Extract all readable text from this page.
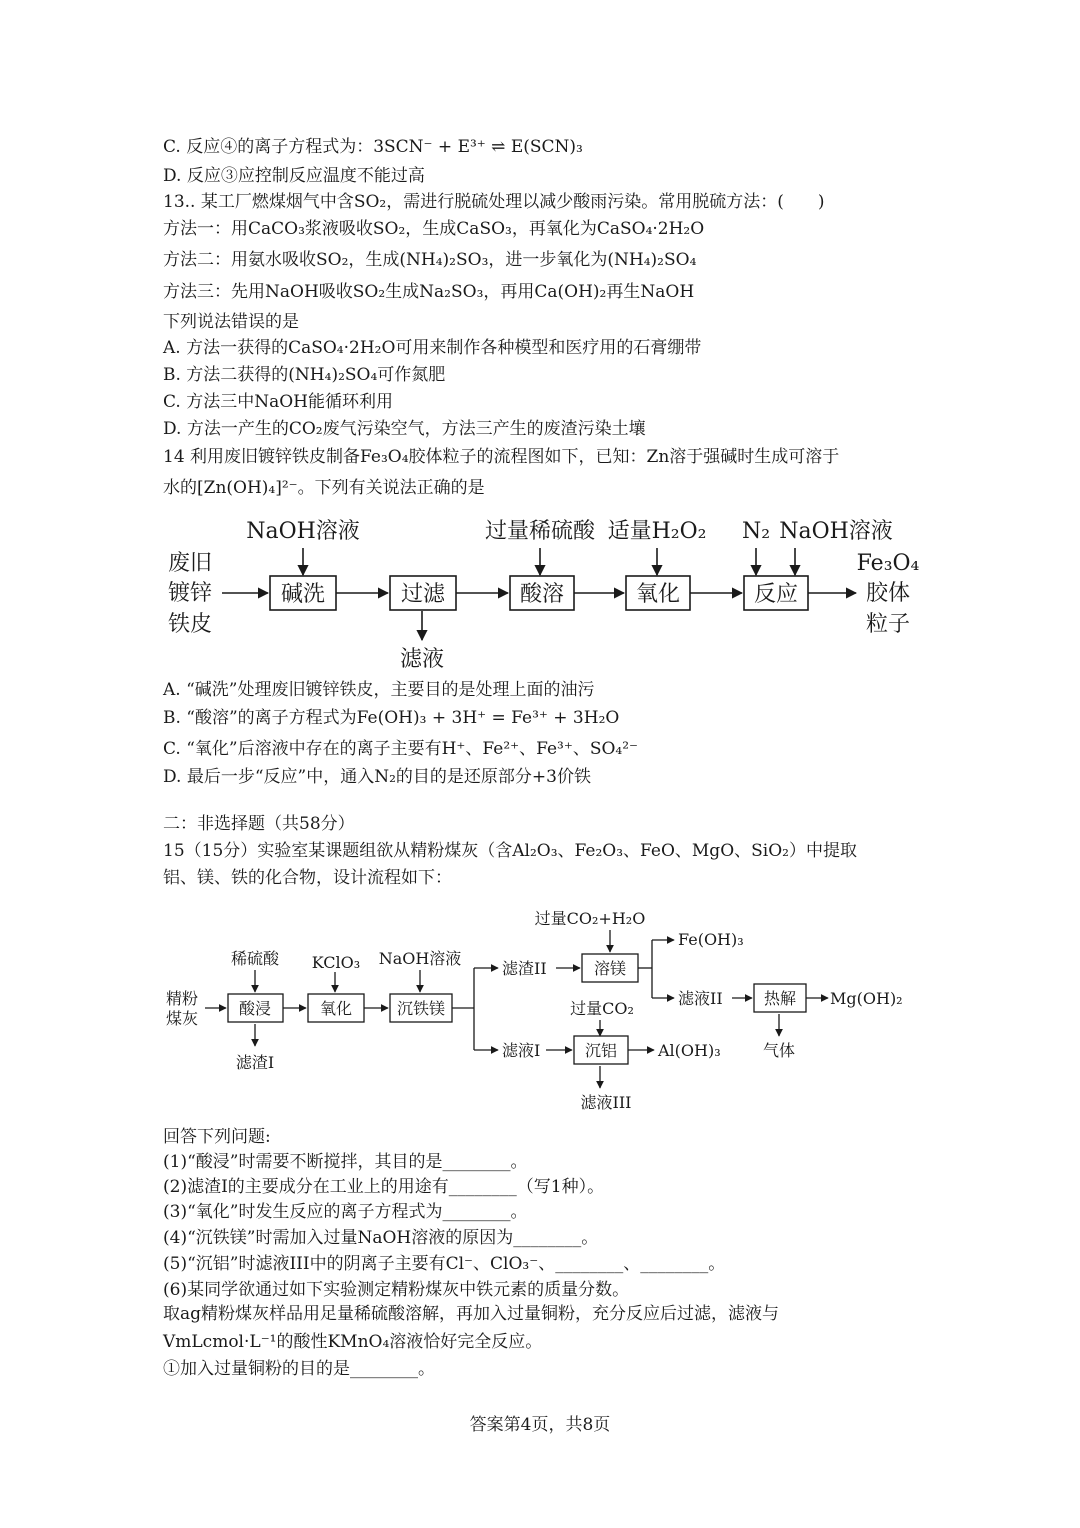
C. 反应④的离子方程式为：3SCN⁻ + E³⁺ ⇌ E(SCN)₃
D. 反应③应控制反应温度不能过高
13.. 某工厂燃煤烟气中含SO₂，需进行脱硫处理以减少酸雨污染。常用脱硫方法：(　　)
方法一：用CaCO₃浆液吸收SO₂，生成CaSO₃，再氧化为CaSO₄·2H₂O
方法二：用氨水吸收SO₂，生成(NH₄)₂SO₃，进一步氧化为(NH₄)₂SO₄
方法三：先用NaOH吸收SO₂生成Na₂SO₃，再用Ca(OH)₂再生NaOH
下列说法错误的是
A. 方法一获得的CaSO₄·2H₂O可用来制作各种模型和医疗用的石膏绷带
B. 方法二获得的(NH₄)₂SO₄可作氮肥
C. 方法三中NaOH能循环利用
D. 方法一产生的CO₂废气污染空气，方法三产生的废渣污染土壤
14 利用废旧镀锌铁皮制备Fe₃O₄胶体粒子的流程图如下，已知：Zn溶于强碱时生成可溶于
水的[Zn(OH)₄]²⁻。下列有关说法正确的是
废旧
镀锌
铁皮
碱洗	过滤	酸溶	氧化	反应
NaOH溶液	过量稀硫酸 适量H₂O₂ N₂ NaOH溶液
滤液
Fe₃O₄
胶体
粒子
A. “碱洗”处理废旧镀锌铁皮，主要目的是处理上面的油污
B. “酸溶”的离子方程式为Fe(OH)₃ + 3H⁺ = Fe³⁺ + 3H₂O
C. “氧化”后溶液中存在的离子主要有H⁺、Fe²⁺、Fe³⁺、SO₄²⁻
D. 最后一步“反应”中，通入N₂的目的是还原部分+3价铁
二：非选择题（共58分）
15（15分）实验室某课题组欲从精粉煤灰（含Al₂O₃、Fe₂O₃、FeO、MgO、SiO₂）中提取
铝、镁、铁的化合物，设计流程如下：
精粉
煤灰
稀硫酸
酸浸
滤渣I
KClO₃
氧化
NaOH溶液
沉铁镁
滤渣II
过量CO₂+H₂O
溶镁
Fe(OH)₃
滤液II	热解 Mg(OH)₂
气体
滤液I
过量CO₂
沉铝	Al(OH)₃
滤液III
回答下列问题:
(1)“酸浸”时需要不断搅拌，其目的是________。
(2)滤渣I的主要成分在工业上的用途有________（写1种）。
(3)“氧化”时发生反应的离子方程式为________。
(4)“沉铁镁”时需加入过量NaOH溶液的原因为________。
(5)“沉铝”时滤液III中的阴离子主要有Cl⁻、ClO₃⁻、________、________。
(6)某同学欲通过如下实验测定精粉煤灰中铁元素的质量分数。
取ag精粉煤灰样品用足量稀硫酸溶解，再加入过量铜粉，充分反应后过滤，滤液与
VmLcmol·L⁻¹的酸性KMnO₄溶液恰好完全反应。
①加入过量铜粉的目的是________。
答案第4页，共8页
